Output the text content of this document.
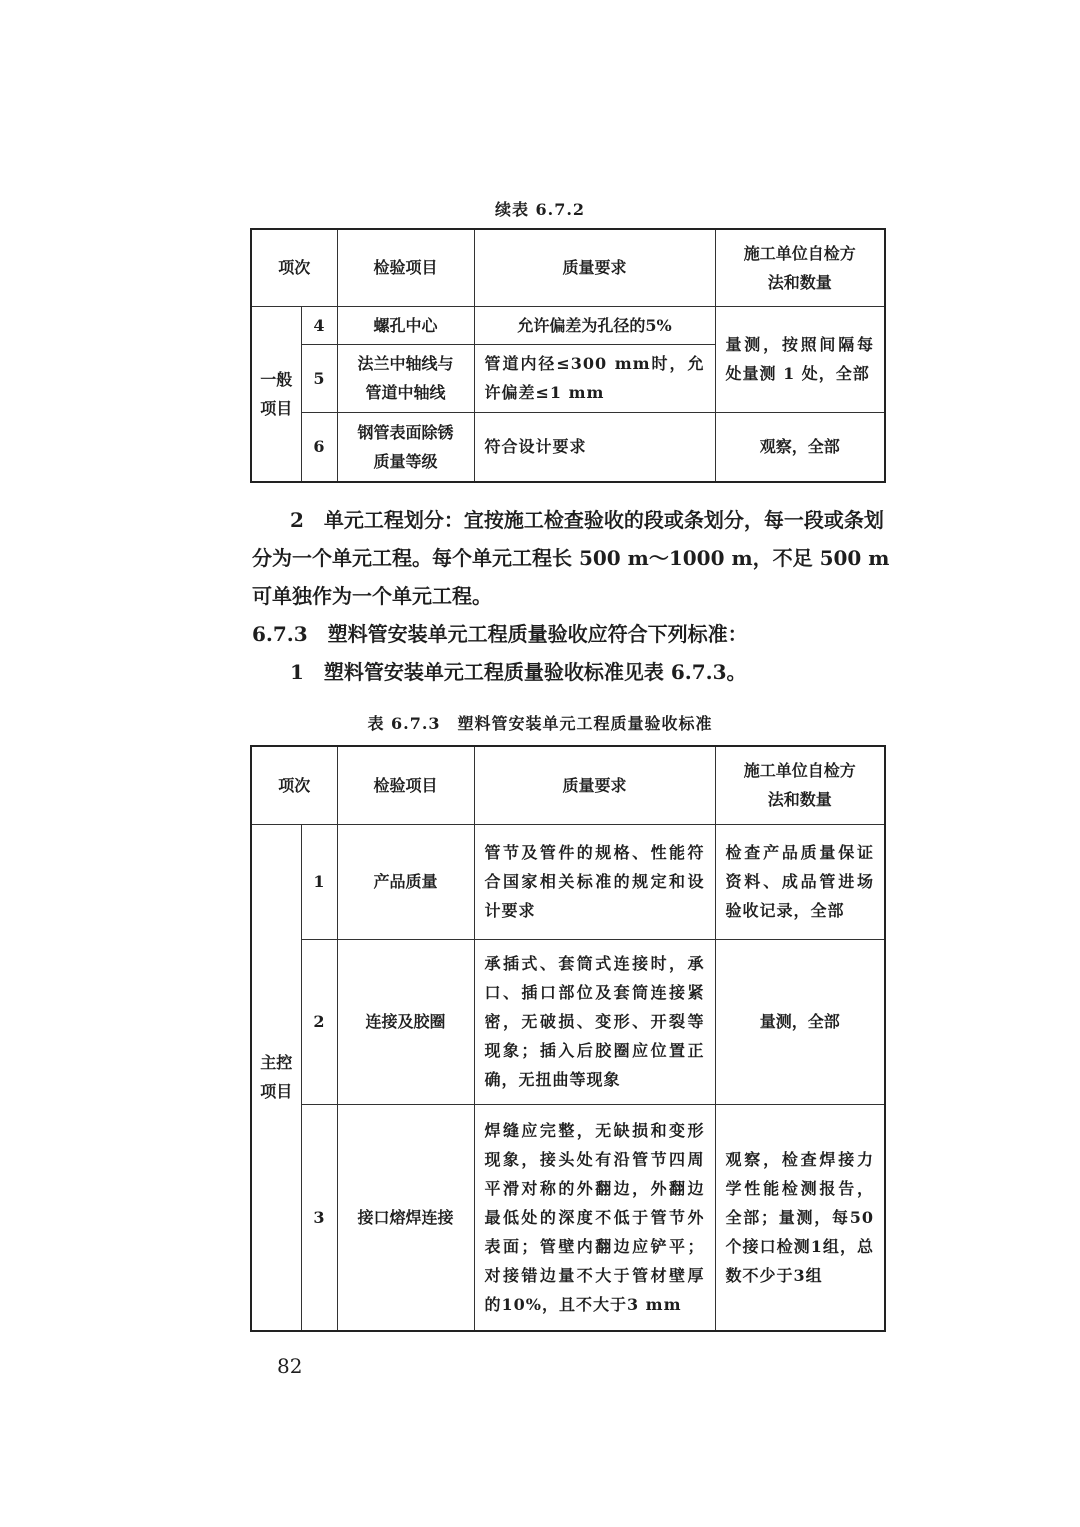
续表 6.7.2
项次		检验项目	质量要求	施工单位自检方法和数量
一般项目	4	螺孔中心	允许偏差为孔径的5%	量测，按照间隔每处量测 1 处，全部
	5	法兰中轴线与管道中轴线	管道内径≤300 mm时，允许偏差≤1 mm	
	6	钢管表面除锈质量等级	符合设计要求	观察，全部
2　单元工程划分：宜按施工检查验收的段或条划分，每一段或条划分为一个单元工程。每个单元工程长 500 m～1000 m，不足 500 m 可单独作为一个单元工程。
6.7.3　塑料管安装单元工程质量验收应符合下列标准：
1　塑料管安装单元工程质量验收标准见表 6.7.3。
表 6.7.3　塑料管安装单元工程质量验收标准
项次		检验项目	质量要求	施工单位自检方法和数量
主控项目	1	产品质量	管节及管件的规格、性能符合国家相关标准的规定和设计要求	检查产品质量保证资料、成品管进场验收记录，全部
	2	连接及胶圈	承插式、套筒式连接时，承口、插口部位及套筒连接紧密，无破损、变形、开裂等现象；插入后胶圈应位置正确，无扭曲等现象	量测，全部
	3	接口熔焊连接	焊缝应完整，无缺损和变形现象，接头处有沿管节四周平滑对称的外翻边，外翻边最低处的深度不低于管节外表面；管壁内翻边应铲平；对接错边量不大于管材壁厚的10%，且不大于3 mm	观察，检查焊接力学性能检测报告，全部；量测，每50个接口检测1组，总数不少于3组
82
